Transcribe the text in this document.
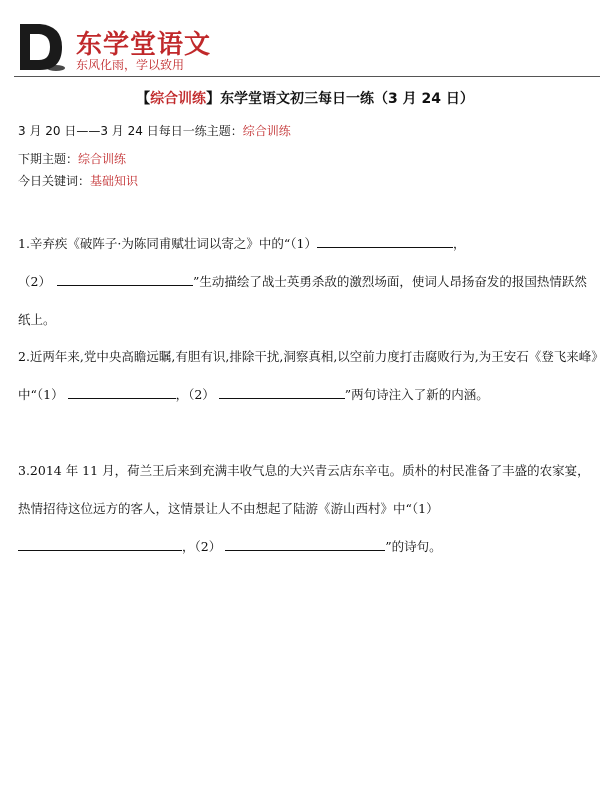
东学堂语文
东风化雨，学以致用
【综合训练】东学堂语文初三每日一练（3 月 24 日）
3 月 20 日——3 月 24 日每日一练主题：综合训练
下期主题：综合训练
今日关键词：基础知识
1.辛弃疾《破阵子·为陈同甫赋壮词以寄之》中的“（1）	，
（2）	”生动描绘了战士英勇杀敌的激烈场面，使词人昂扬奋发的报国热情跃然纸上。
2.近两年来,党中央高瞻远瞩,有胆有识,排除干扰,洞察真相,以空前力度打击腐败行为,为王安石《登飞来峰》中“（1）	，（2）	”两句诗注入了新的内涵。
3.2014 年 11 月，荷兰王后来到充满丰收气息的大兴青云店东辛屯。质朴的村民准备了丰盛的农家宴，热情招待这位远方的客人，这情景让人不由想起了陆游《游山西村》中“（1），（2）	”的诗句。
